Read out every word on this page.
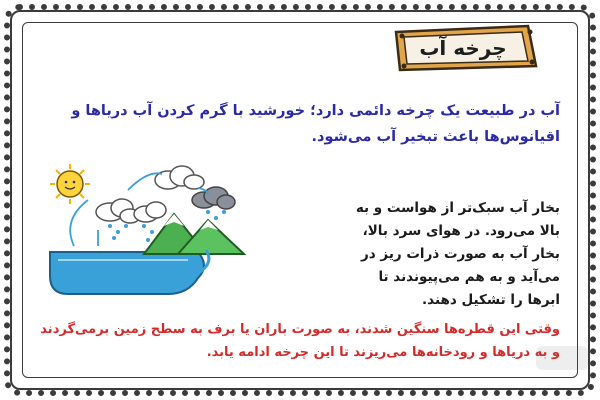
چرخه آب
آب در طبیعت یک چرخه دائمی دارد؛ خورشید با گرم کردن آب دریاها و اقیانوس‌ها باعث تبخیر آب می‌شود.
بخار آب سبک‌تر از هواست و به بالا می‌رود. در هوای سرد بالا، بخار آب به صورت ذرات ریز در می‌آید و به هم می‌پیوندند تا ابرها را تشکیل دهند.
وقتی این قطره‌ها سنگین شدند، به صورت باران یا برف به سطح زمین برمی‌گردند و به دریاها و رودخانه‌ها می‌ریزند تا این چرخه ادامه یابد.
